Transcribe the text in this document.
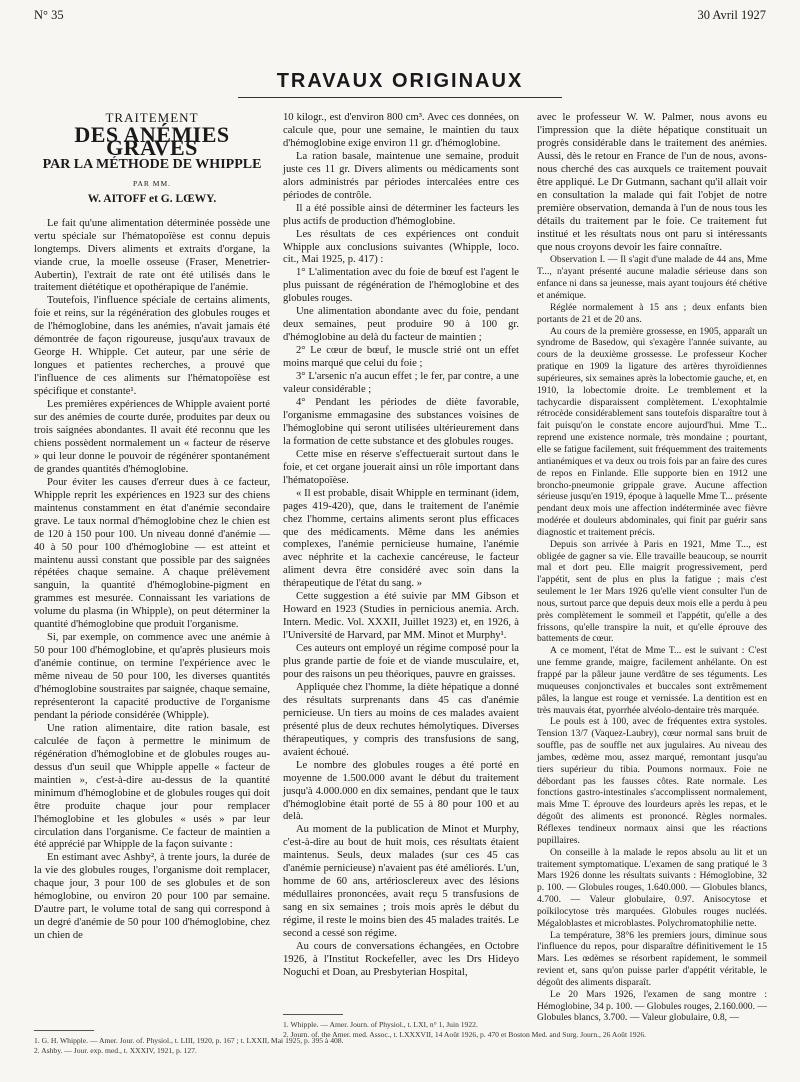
N° 35	30 Avril 1927
TRAVAUX ORIGINAUX
TRAITEMENT
DES ANÉMIES GRAVES
PAR LA MÉTHODE DE WHIPPLE
PAR MM.
W. AITOFF et G. LŒWY.

Le fait qu'une alimentation déterminée possède une vertu spéciale sur l'hématopoïèse est connu depuis longtemps. Divers aliments et extraits d'organe, la viande crue, la moelle osseuse (Fraser, Menetrier-Aubertin), l'extrait de rate ont été utilisés dans le traitement diététique et opothérapique de l'anémie.

Toutefois, l'influence spéciale de certains aliments, foie et reins, sur la régénération des globules rouges et de l'hémoglobine, dans les anémies, n'avait jamais été démontrée de façon rigoureuse, jusqu'aux travaux de George H. Whipple. Cet auteur, par une série de longues et patientes recherches, a prouvé que l'influence de ces aliments sur l'hématopoïèse est spécifique et constante¹.

Les premières expériences de Whipple avaient porté sur des anémies de courte durée, produites par deux ou trois saignées abondantes. Il avait été reconnu que les chiens possèdent normalement un « facteur de réserve » qui leur donne le pouvoir de régénérer spontanément de grandes quantités d'hémoglobine.

Pour éviter les causes d'erreur dues à ce facteur, Whipple reprit les expériences en 1923 sur des chiens maintenus constamment en état d'anémie secondaire grave. Le taux normal d'hémoglobine chez le chien est de 120 à 150 pour 100. Un niveau donné d'anémie — 40 à 50 pour 100 d'hémoglobine — est atteint et maintenu aussi constant que possible par des saignées répétées chaque semaine. A chaque prélèvement sanguin, la quantité d'hémoglobine-pigment en grammes est mesurée. Connaissant les variations de volume du plasma (in Whipple), on peut déterminer la quantité d'hémoglobine que produit l'organisme.

Si, par exemple, on commence avec une anémie à 50 pour 100 d'hémoglobine, et qu'après plusieurs mois d'anémie continue, on termine l'expérience avec le même niveau de 50 pour 100, les diverses quantités d'hémoglobine soustraites par saignée, chaque semaine, représenteront la capacité productive de l'organisme pendant la période considérée (Whipple).

Une ration alimentaire, dite ration basale, est calculée de façon à permettre le minimum de régénération d'hémoglobine et de globules rouges au-dessus d'un seuil que Whipple appelle « facteur de maintien », c'est-à-dire au-dessus de la quantité minimum d'hémoglobine et de globules rouges qui doit être produite chaque jour pour remplacer l'hémoglobine et les globules « usés » par leur circulation dans l'organisme. Ce facteur de maintien a été apprécié par Whipple de la façon suivante :

En estimant avec Ashby², à trente jours, la durée de la vie des globules rouges, l'organisme doit remplacer, chaque jour, 3 pour 100 de ses globules et de son hémoglobine, ou environ 20 pour 100 par semaine. D'autre part, le volume total de sang qui correspond à un degré d'anémie de 50 pour 100 d'hémoglobine, chez un chien de

1. G. H. Whipple. — Amer. Jour. of. Physiol., t. LIII, 1920, p. 167 ; t. LXXII, Mai 1925, p. 395 à 408.
2. Ashby. — Jour. exp. med., t. XXXIV, 1921, p. 127.

10 kilogr., est d'environ 800 cm³. Avec ces données, on calcule que, pour une semaine, le maintien du taux d'hémoglobine exige environ 11 gr. d'hémoglobine.

La ration basale, maintenue une semaine, produit juste ces 11 gr. Divers aliments ou médicaments sont alors administrés par périodes intercalées entre ces périodes de contrôle.

Il a été possible ainsi de déterminer les facteurs les plus actifs de production d'hémoglobine.

Les résultats de ces expériences ont conduit Whipple aux conclusions suivantes (Whipple, loco. cit., Mai 1925, p. 417) :

1° L'alimentation avec du foie de bœuf est l'agent le plus puissant de régénération de l'hémoglobine et des globules rouges.

Une alimentation abondante avec du foie, pendant deux semaines, peut produire 90 à 100 gr. d'hémoglobine au delà du facteur de maintien ;

2° Le cœur de bœuf, le muscle strié ont un effet moins marqué que celui du foie ;

3° L'arsenic n'a aucun effet ; le fer, par contre, a une valeur considérable ;

4° Pendant les périodes de diète favorable, l'organisme emmagasine des substances voisines de l'hémoglobine qui seront utilisées ultérieurement dans la formation de cette substance et des globules rouges.

Cette mise en réserve s'effectuerait surtout dans le foie, et cet organe jouerait ainsi un rôle important dans l'hématopoïèse.

« Il est probable, disait Whipple en terminant (idem, pages 419-420), que, dans le traitement de l'anémie chez l'homme, certains aliments seront plus efficaces que des médicaments. Même dans les anémies complexes, l'anémie pernicieuse humaine, l'anémie avec néphrite et la cachexie cancéreuse, le facteur aliment devra être considéré avec soin dans la thérapeutique de l'état du sang. »

Cette suggestion a été suivie par MM Gibson et Howard en 1923 (Studies in pernicious anemia. Arch. Intern. Medic. Vol. XXXII, Juillet 1923) et, en 1926, à l'Université de Harvard, par MM. Minot et Murphy¹.

Ces auteurs ont employé un régime composé pour la plus grande partie de foie et de viande musculaire, et, pour des raisons un peu théoriques, pauvre en graisses.

Appliquée chez l'homme, la diète hépatique a donné des résultats surprenants dans 45 cas d'anémie pernicieuse. Un tiers au moins de ces malades avaient présenté plus de deux rechutes hémolytiques. Diverses thérapeutiques, y compris des transfusions de sang, avaient échoué.

Le nombre des globules rouges a été porté en moyenne de 1.500.000 avant le début du traitement jusqu'à 4.000.000 en dix semaines, pendant que le taux d'hémoglobine était porté de 55 à 80 pour 100 et au delà.

Au moment de la publication de Minot et Murphy, c'est-à-dire au bout de huit mois, ces résultats étaient maintenus. Seuls, deux malades (sur ces 45 cas d'anémie pernicieuse) n'avaient pas été améliorés. L'un, homme de 60 ans, artériosclereux avec des lésions médullaires prononcées, avait reçu 5 transfusions de sang en six semaines ; trois mois après le début du régime, il reste le moins bien des 45 malades traités. Le second a cessé son régime.

Au cours de conversations échangées, en Octobre 1926, à l'Institut Rockefeller, avec les Drs Hideyo Noguchi et Doan, au Presbyterian Hospital,

1. Whipple. — Amer. Journ. of Physiol., t. LXI, n° 1, Juin 1922.
2. Journ. of. the Amer. med. Assoc., t. LXXXVII, 14 Août 1926, p. 470 et Boston Med. and Surg. Journ., 26 Août 1926.

avec le professeur W. W. Palmer, nous avons eu l'impression que la diète hépatique constituait un progrès considérable dans le traitement des anémies. Aussi, dès le retour en France de l'un de nous, avons-nous cherché des cas auxquels ce traitement pouvait être appliqué. Le Dr Gutmann, sachant qu'il allait voir en consultation la malade qui fait l'objet de notre première observation, demanda à l'un de nous tous les détails du traitement par le foie. Ce traitement fut institué et les résultats nous ont paru si intéressants que nous croyons devoir les faire connaître.

Observation I. — Il s'agit d'une malade de 44 ans, Mme T..., n'ayant présenté aucune maladie sérieuse dans son enfance ni dans sa jeunesse, mais ayant toujours été chétive et anémique.

Réglée normalement à 15 ans ; deux enfants bien portants de 21 et de 20 ans.

Au cours de la première grossesse, en 1905, apparaît un syndrome de Basedow, qui s'exagère l'année suivante, au cours de la deuxième grossesse. Le professeur Kocher pratique en 1909 la ligature des artères thyroïdiennes supérieures, six semaines après la lobectomie gauche, et, en 1910, la lobectomie droite. Le tremblement et la tachycardie disparaissent complètement. L'exophtalmie rétrocède considérablement sans toutefois disparaître tout à fait puisqu'on le constate encore aujourd'hui. Mme T... reprend une existence normale, très mondaine ; pourtant, elle se fatigue facilement, suit fréquemment des traitements antianémiques et va deux ou trois fois par an faire des cures de repos en Finlande. Elle supporte bien en 1912 une broncho-pneumonie grippale grave. Aucune affection sérieuse jusqu'en 1919, époque à laquelle Mme T... présente pendant deux mois une affection indéterminée avec fièvre modérée et douleurs abdominales, qui finit par guérir sans diagnostic et traitement précis.

Depuis son arrivée à Paris en 1921, Mme T..., est obligée de gagner sa vie. Elle travaille beaucoup, se nourrit mal et dort peu. Elle maigrit progressivement, perd l'appétit, sent de plus en plus la fatigue ; mais c'est seulement le 1er Mars 1926 qu'elle vient consulter l'un de nous, surtout parce que depuis deux mois elle a perdu à peu près complètement le sommeil et l'appétit, qu'elle a des frissons, qu'elle transpire la nuit, et qu'elle éprouve des battements de cœur.

A ce moment, l'état de Mme T... est le suivant : C'est une femme grande, maigre, facilement anhélante. On est frappé par la pâleur jaune verdâtre de ses téguments. Les muqueuses conjonctivales et buccales sont extrêmement pâles, la langue est rouge et vernissée. La dentition est en très mauvais état, pyorrhée alvéolo-dentaire très marquée.

Le pouls est à 100, avec de fréquentes extra systoles. Tension 13/7 (Vaquez-Laubry), cœur normal sans bruit de souffle, pas de souffle net aux jugulaires. Au niveau des jambes, œdème mou, assez marqué, remontant jusqu'au tiers supérieur du tibia. Poumons normaux. Foie ne débordant pas les fausses côtes. Rate normale. Les fonctions gastro-intestinales s'accomplissent normalement, mais Mme T. éprouve des lourdeurs après les repas, et le dégoût des aliments est prononcé. Règles normales. Réflexes tendineux normaux ainsi que les réactions pupillaires.

On conseille à la malade le repos absolu au lit et un traitement symptomatique. L'examen de sang pratiqué le 3 Mars 1926 donne les résultats suivants : Hémoglobine, 32 p. 100. — Globules rouges, 1.640.000. — Globules blancs, 4.700. — Valeur globulaire, 0.97. Anisocytose et poïkilocytose très marquées. Globules rouges nucléés. Mégaloblastes et microblastes. Polychromatophilie nette.

La température, 38°6 les premiers jours, diminue sous l'influence du repos, pour disparaître définitivement le 15 Mars. Les œdèmes se résorbent rapidement, le sommeil revient et, sans qu'on puisse parler d'appétit véritable, le dégoût des aliments disparaît.

Le 20 Mars 1926, l'examen de sang montre : Hémoglobine, 34 p. 100. — Globules rouges, 2.160.000. — Globules blancs, 3.700. — Valeur globulaire, 0.8, —
